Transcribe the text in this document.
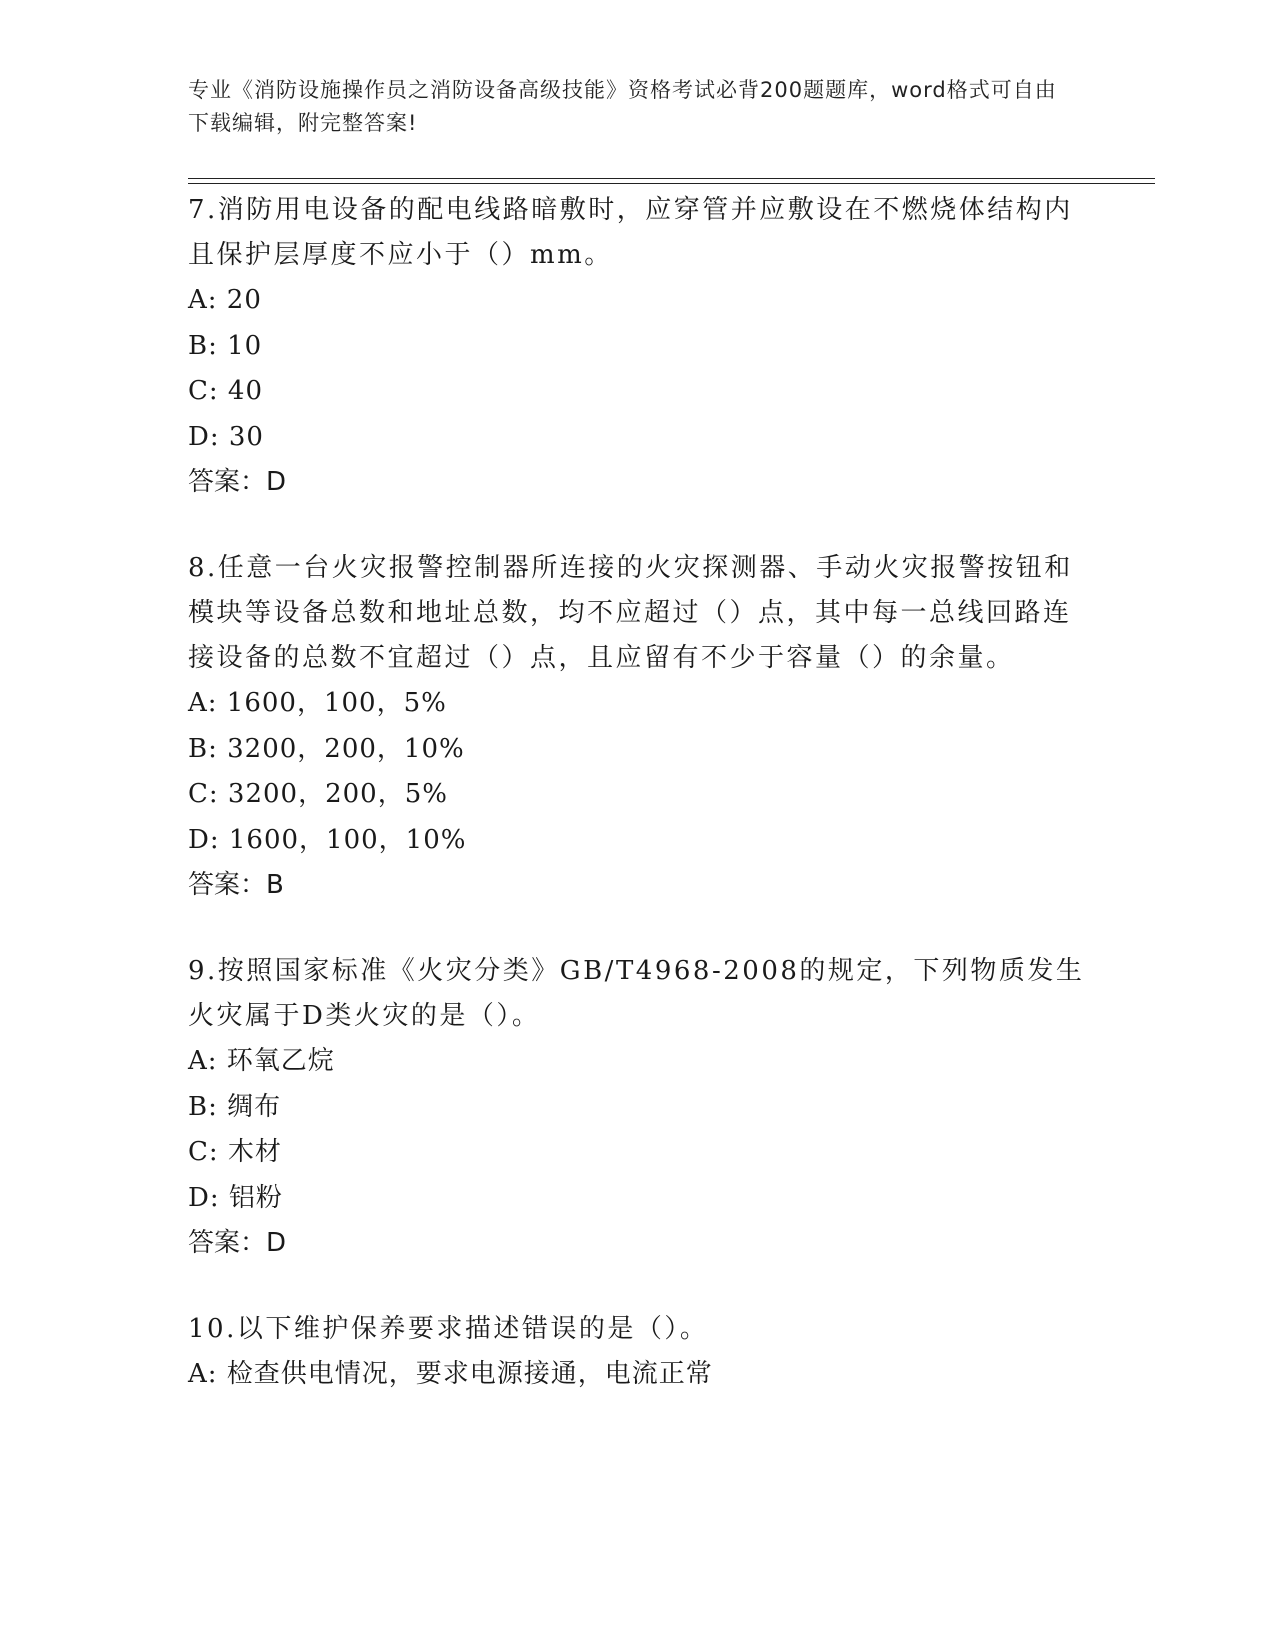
专业《消防设施操作员之消防设备高级技能》资格考试必背200题题库，word格式可自由下载编辑，附完整答案!

7.消防用电设备的配电线路暗敷时，应穿管并应敷设在不燃烧体结构内且保护层厚度不应小于（）mm。

A: 20

B: 10

C: 40

D: 30

答案：D

8.任意一台火灾报警控制器所连接的火灾探测器、手动火灾报警按钮和模块等设备总数和地址总数，均不应超过（）点，其中每一总线回路连接设备的总数不宜超过（）点，且应留有不少于容量（）的余量。

A: 1600，100，5%

B: 3200，200，10%

C: 3200，200，5%

D: 1600，100，10%

答案：B

9.按照国家标准《火灾分类》GB/T4968-2008的规定，下列物质发生火灾属于D类火灾的是（）。

A: 环氧乙烷

B: 绸布

C: 木材

D: 铝粉

答案：D

10.以下维护保养要求描述错误的是（）。

A: 检查供电情况，要求电源接通，电流正常
